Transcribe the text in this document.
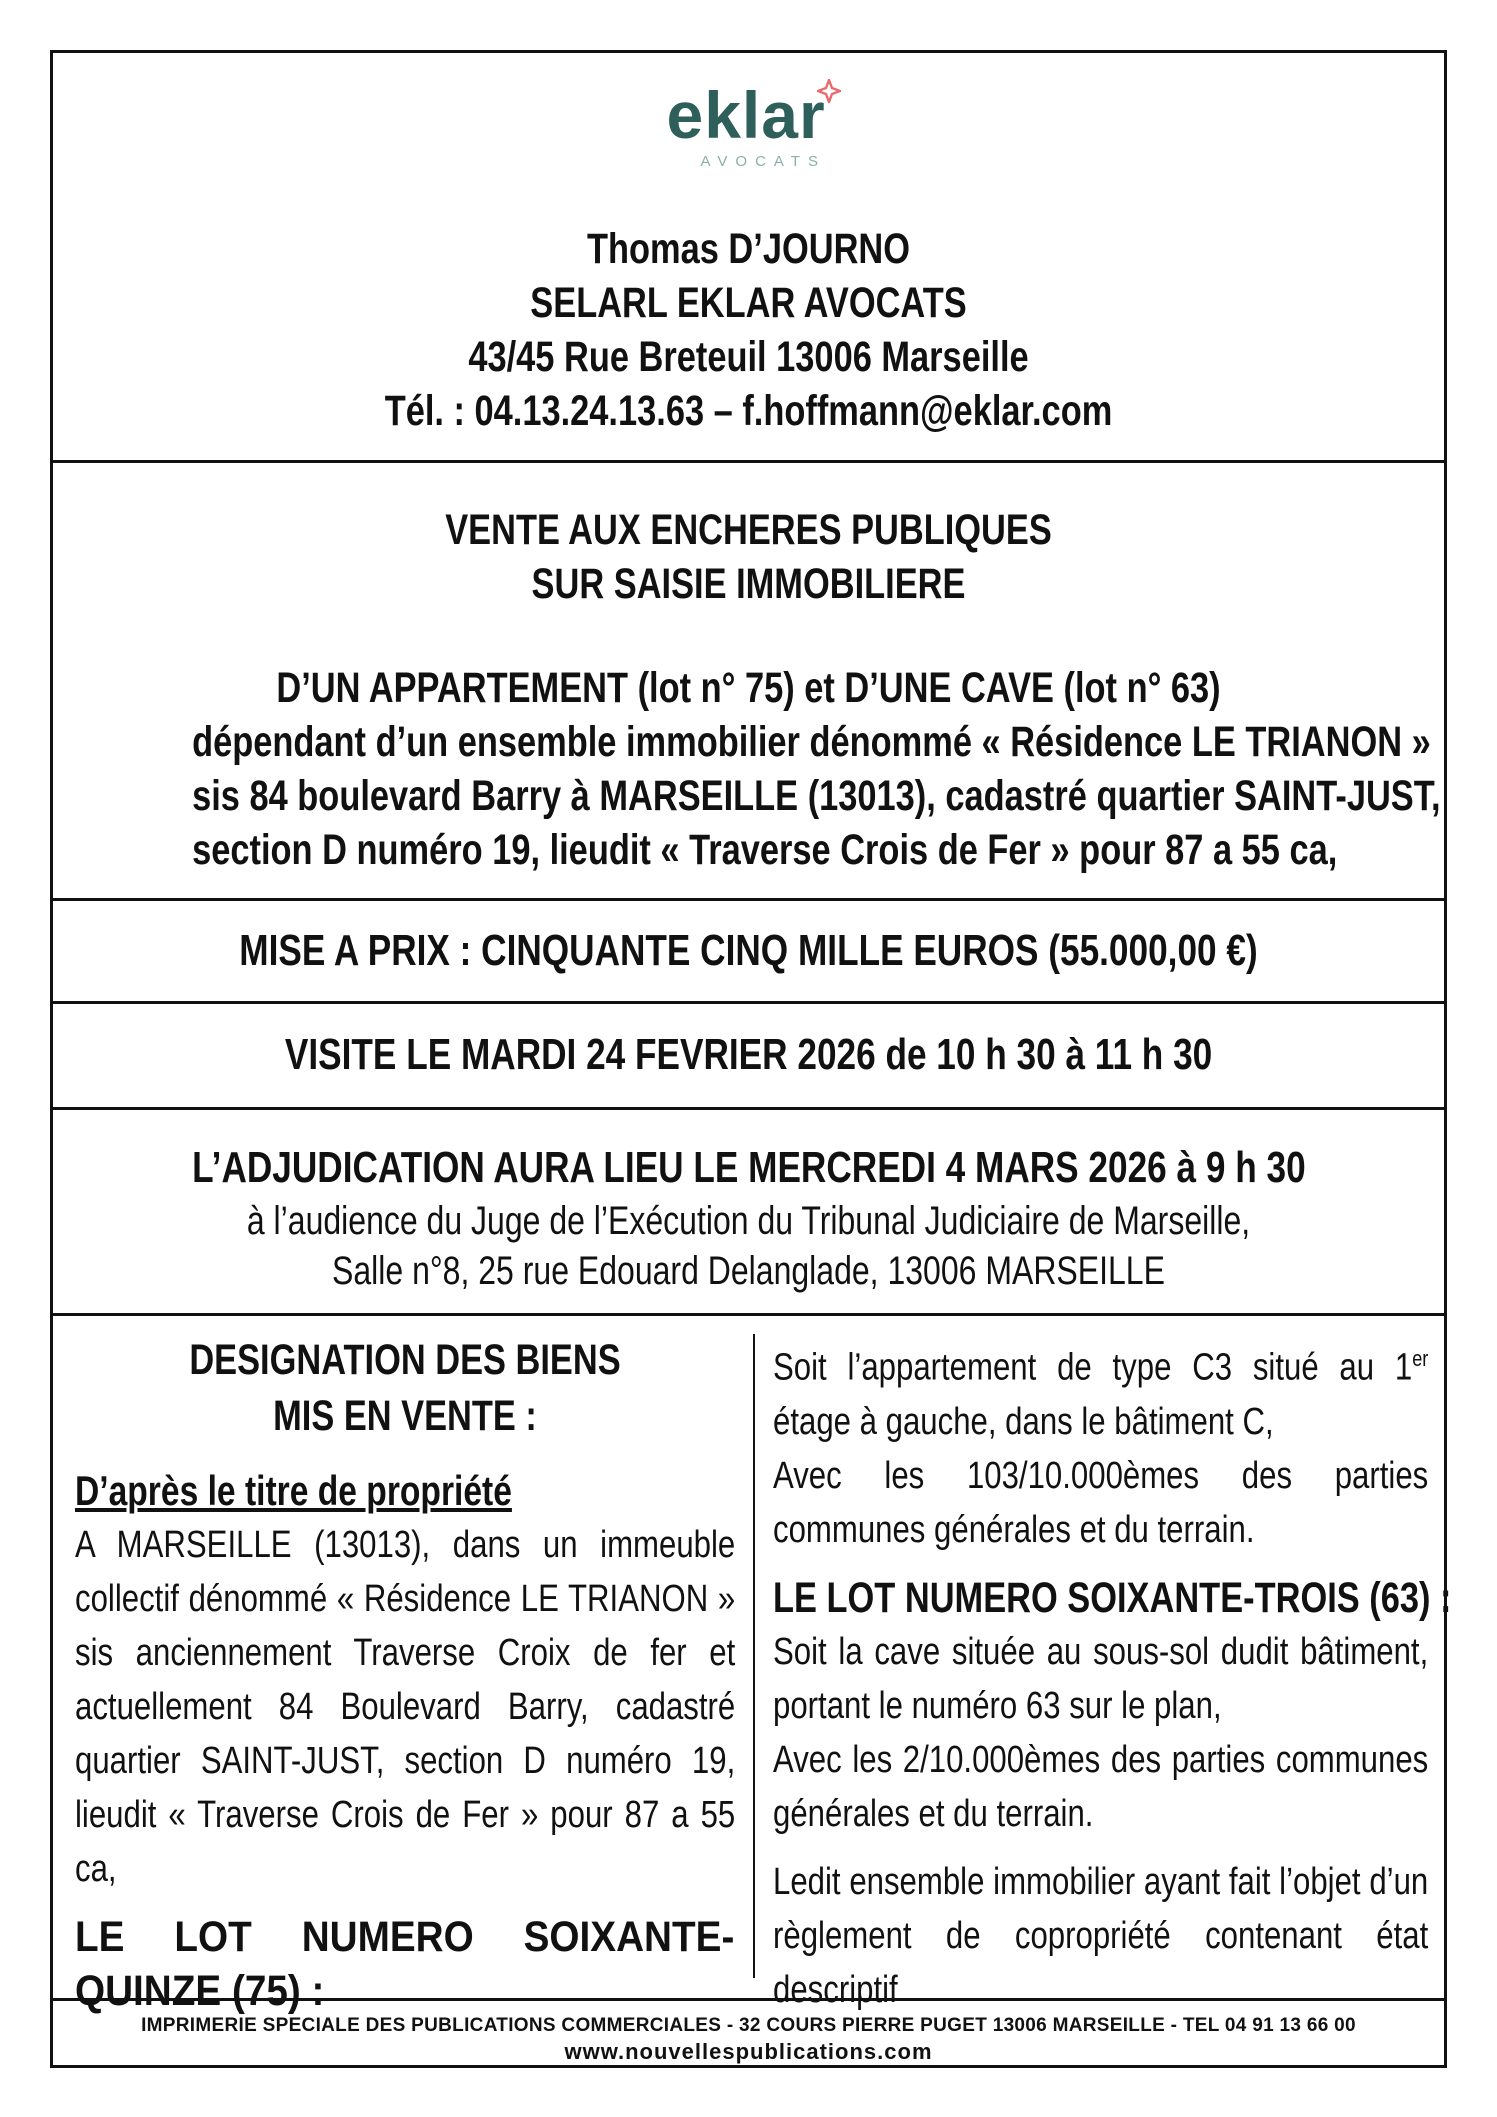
eklar
AVOCATS
Thomas D’JOURNO
SELARL EKLAR AVOCATS
43/45 Rue Breteuil 13006 Marseille
Tél. : 04.13.24.13.63 – f.hoffmann@eklar.com
VENTE AUX ENCHERES PUBLIQUES
SUR SAISIE IMMOBILIERE
D’UN APPARTEMENT (lot n° 75) et D’UNE CAVE (lot n° 63)
dépendant d’un ensemble immobilier dénommé « Résidence LE TRIANON »
sis 84 boulevard Barry à MARSEILLE (13013), cadastré quartier SAINT-JUST,
section D numéro 19, lieudit « Traverse Crois de Fer » pour 87 a 55 ca,
MISE A PRIX : CINQUANTE CINQ MILLE EUROS (55.000,00 €)
VISITE LE MARDI 24 FEVRIER 2026 de 10 h 30 à 11 h 30
L’ADJUDICATION AURA LIEU LE MERCREDI 4 MARS 2026 à 9 h 30
à l’audience du Juge de l’Exécution du Tribunal Judiciaire de Marseille,
Salle n°8, 25 rue Edouard Delanglade, 13006 MARSEILLE
DESIGNATION DES BIENS
MIS EN VENTE :
D’après le titre de propriété
A MARSEILLE (13013), dans un immeuble collectif dénommé « Résidence LE TRIANON » sis anciennement Traverse Croix de fer et actuellement 84 Boulevard Barry, cadastré quartier SAINT-JUST, section D numéro 19, lieudit « Traverse Crois de Fer » pour 87 a 55 ca,
LE LOT NUMERO SOIXANTE-QUINZE (75) :
Soit l’appartement de type C3 situé au 1er étage à gauche, dans le bâtiment C,
Avec les 103/10.000èmes des parties communes générales et du terrain.
LE LOT NUMERO SOIXANTE-TROIS (63) :
Soit la cave située au sous-sol dudit bâtiment, portant le numéro 63 sur le plan,
Avec les 2/10.000èmes des parties communes générales et du terrain.
Ledit ensemble immobilier ayant fait l’objet d’un règlement de copropriété contenant état descriptif
IMPRIMERIE SPECIALE DES PUBLICATIONS COMMERCIALES - 32 COURS PIERRE PUGET 13006 MARSEILLE - TEL 04 91 13 66 00
www.nouvellespublications.com
